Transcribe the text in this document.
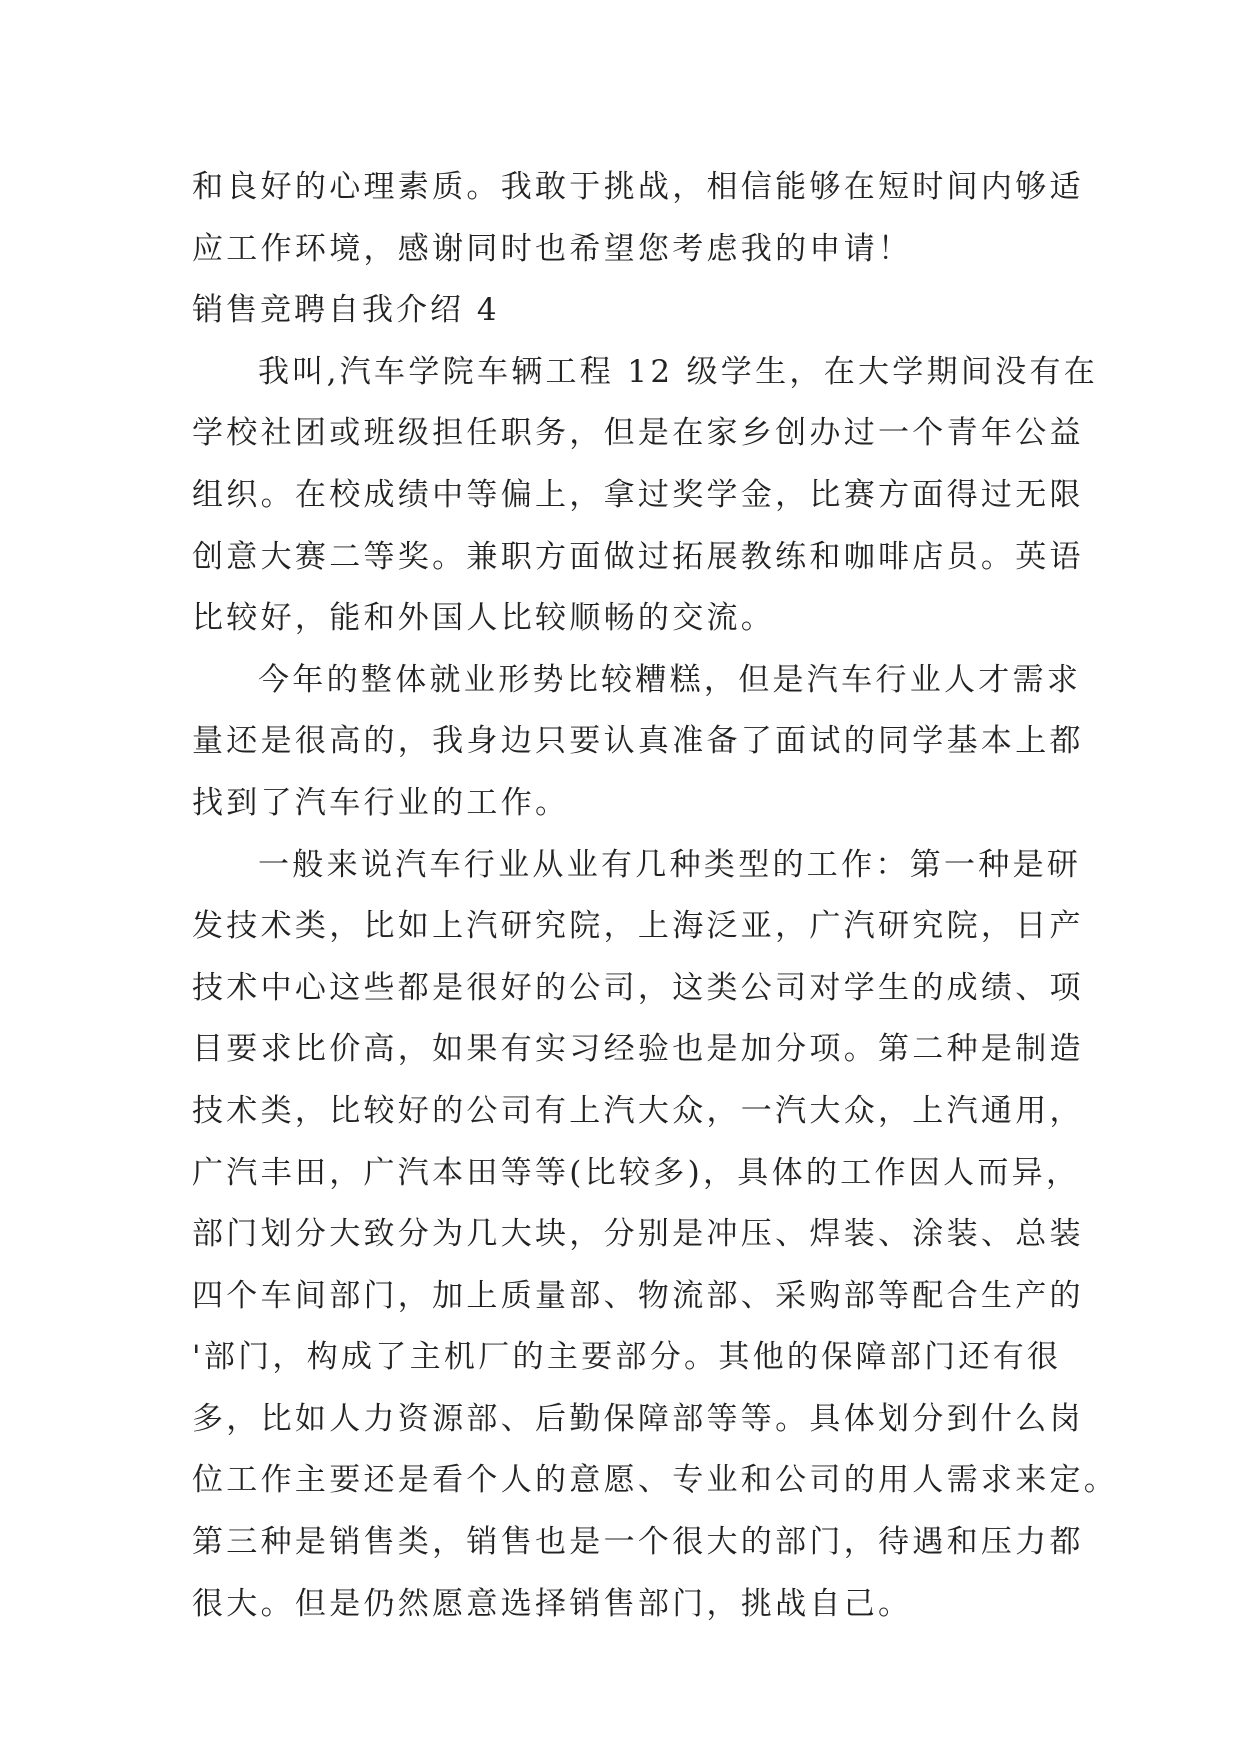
和良好的心理素质。我敢于挑战，相信能够在短时间内够适
应工作环境，感谢同时也希望您考虑我的申请！
销售竞聘自我介绍 4
我叫,汽车学院车辆工程 12 级学生，在大学期间没有在
学校社团或班级担任职务，但是在家乡创办过一个青年公益
组织。在校成绩中等偏上，拿过奖学金，比赛方面得过无限
创意大赛二等奖。兼职方面做过拓展教练和咖啡店员。英语
比较好，能和外国人比较顺畅的交流。
今年的整体就业形势比较糟糕，但是汽车行业人才需求
量还是很高的，我身边只要认真准备了面试的同学基本上都
找到了汽车行业的工作。
一般来说汽车行业从业有几种类型的工作：第一种是研
发技术类，比如上汽研究院，上海泛亚，广汽研究院，日产
技术中心这些都是很好的公司，这类公司对学生的成绩、项
目要求比价高，如果有实习经验也是加分项。第二种是制造
技术类，比较好的公司有上汽大众，一汽大众，上汽通用，
广汽丰田，广汽本田等等(比较多)，具体的工作因人而异，
部门划分大致分为几大块，分别是冲压、焊装、涂装、总装
四个车间部门，加上质量部、物流部、采购部等配合生产的
'部门，构成了主机厂的主要部分。其他的保障部门还有很
多，比如人力资源部、后勤保障部等等。具体划分到什么岗
位工作主要还是看个人的意愿、专业和公司的用人需求来定。
第三种是销售类，销售也是一个很大的部门，待遇和压力都
很大。但是仍然愿意选择销售部门，挑战自己。
